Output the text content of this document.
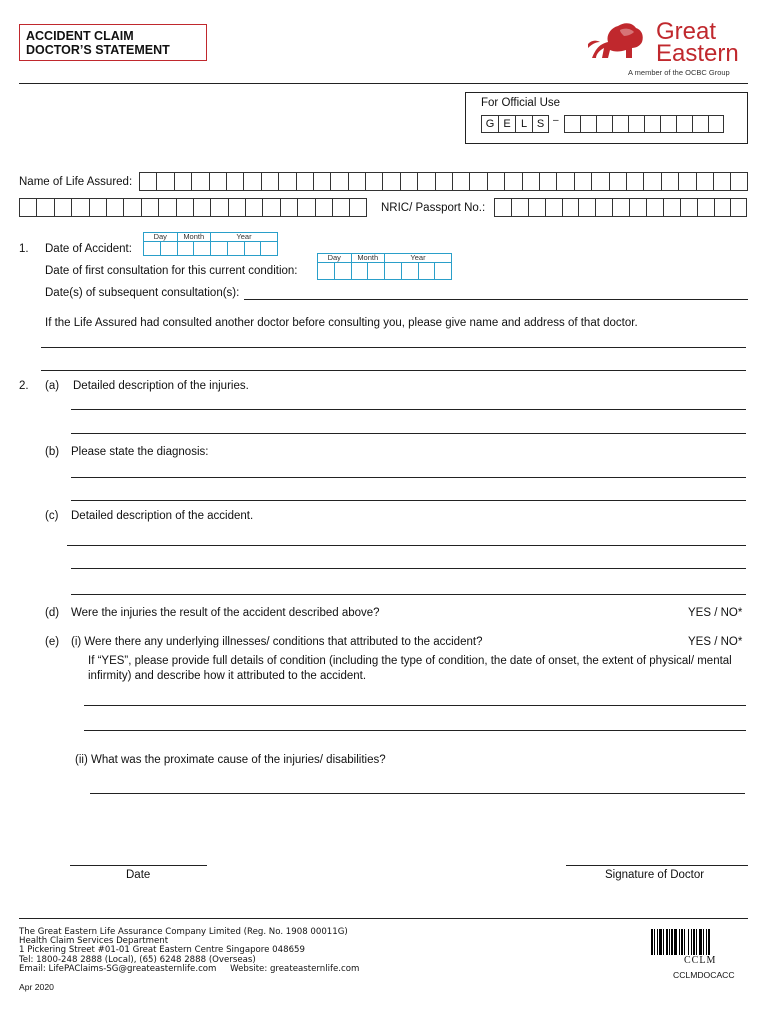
ACCIDENT CLAIM
DOCTOR’S STATEMENT
Great
Eastern
A member of the OCBC Group
For Official Use
G E L S –
Name of Life Assured:
NRIC/ Passport No.:
1. Date of Accident:
Day	Month	Year
Date of first consultation for this current condition:
Day	Month	Year
Date(s) of subsequent consultation(s):
If the Life Assured had consulted another doctor before consulting you, please give name and address of that doctor.
2. (a) Detailed description of the injuries.
(b) Please state the diagnosis:
(c) Detailed description of the accident.
(d) Were the injuries the result of the accident described above?	YES / NO*
(e) (i) Were there any underlying illnesses/ conditions that attributed to the accident?	YES / NO*
If “YES”, please provide full details of condition (including the type of condition, the date of onset, the extent of physical/ mental
infirmity) and describe how it attributed to the accident.
(ii) What was the proximate cause of the injuries/ disabilities?
Date	Signature of Doctor
The Great Eastern Life Assurance Company Limited (Reg. No. 1908 00011G)
Health Claim Services Department
1 Pickering Street #01-01 Great Eastern Centre Singapore 048659
Tel: 1800-248 2888 (Local), (65) 6248 2888 (Overseas)
Email: LifePAClaims-SG@greateasternlife.com     Website: greateasternlife.com
Apr 2020
CCLM
CCLMDOCACC
